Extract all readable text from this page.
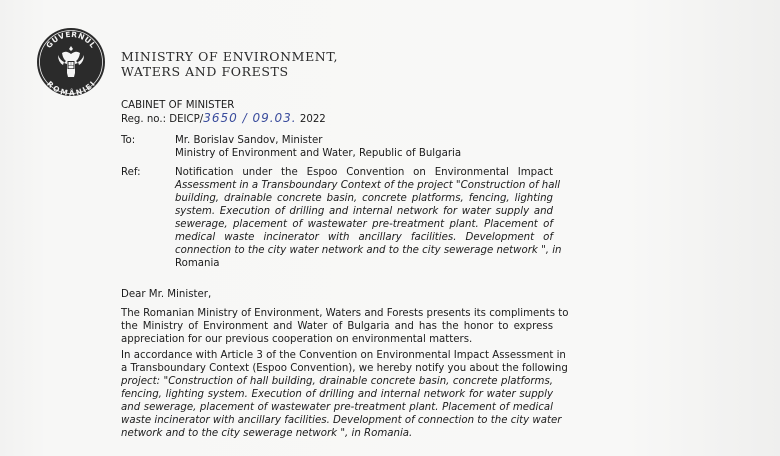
GUVERNUL
ROMÂNIEI
MINISTRY OF ENVIRONMENT,
WATERS AND FORESTS
CABINET OF MINISTER
Reg. no.: DEICP/3650 / 09.03. 2022
To:	Mr. Borislav Sandov, Minister
Ministry of Environment and Water, Republic of Bulgaria
Ref:	Notification under the Espoo Convention on Environmental Impact
Assessment in a Transboundary Context of the project "Construction of hall
building, drainable concrete basin, concrete platforms, fencing, lighting
system. Execution of drilling and internal network for water supply and
sewerage, placement of wastewater pre-treatment plant. Placement of
medical waste incinerator with ancillary facilities. Development of
connection to the city water network and to the city sewerage network ", in
Romania
Dear Mr. Minister,
The Romanian Ministry of Environment, Waters and Forests presents its compliments to
the Ministry of Environment and Water of Bulgaria and has the honor to express
appreciation for our previous cooperation on environmental matters.
In accordance with Article 3 of the Convention on Environmental Impact Assessment in
a Transboundary Context (Espoo Convention), we hereby notify you about the following
project: "Construction of hall building, drainable concrete basin, concrete platforms,
fencing, lighting system. Execution of drilling and internal network for water supply
and sewerage, placement of wastewater pre-treatment plant. Placement of medical
waste incinerator with ancillary facilities. Development of connection to the city water
network and to the city sewerage network ", in Romania.
